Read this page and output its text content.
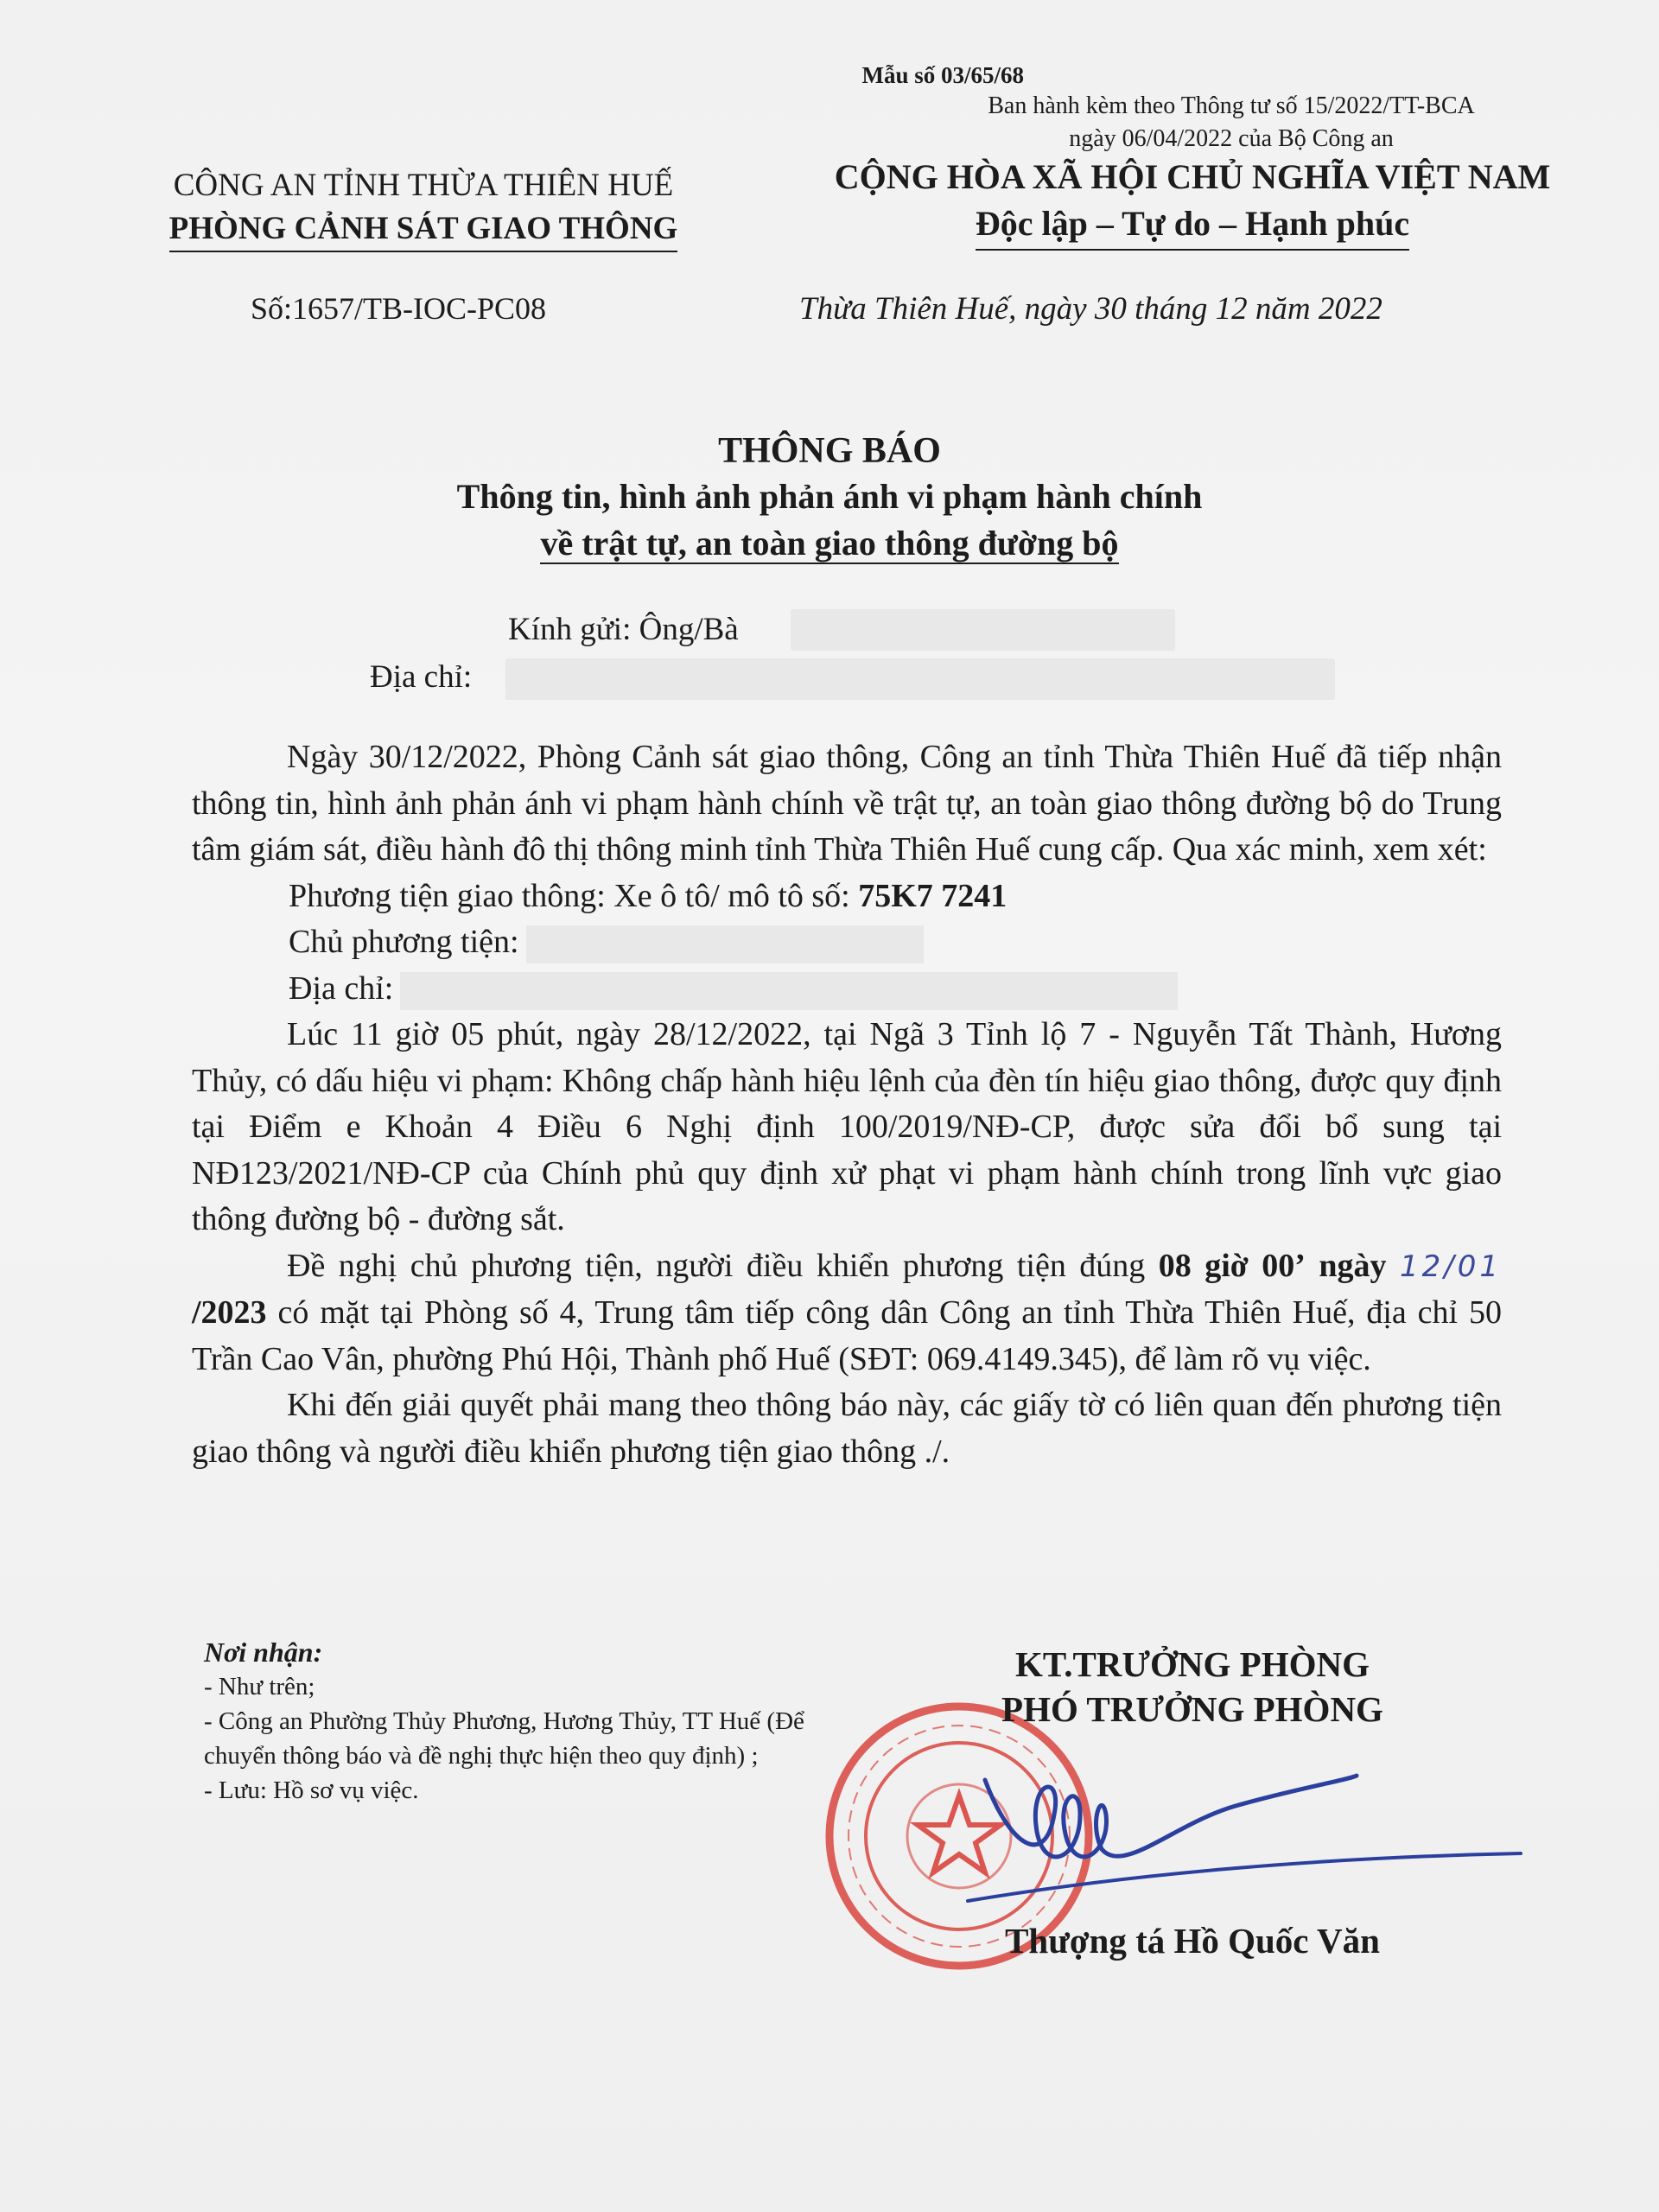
Mẫu số 03/65/68
Ban hành kèm theo Thông tư số 15/2022/TT-BCA
ngày 06/04/2022 của Bộ Công an
CÔNG AN TỈNH THỪA THIÊN HUẾ
PHÒNG CẢNH SÁT GIAO THÔNG
CỘNG HÒA XÃ HỘI CHỦ NGHĨA VIỆT NAM
Độc lập – Tự do – Hạnh phúc
Số:1657/TB-IOC-PC08	Thừa Thiên Huế, ngày 30 tháng 12 năm 2022
THÔNG BÁO
Thông tin, hình ảnh phản ánh vi phạm hành chính
về trật tự, an toàn giao thông đường bộ
Kính gửi: Ông/Bà
Địa chỉ:

Ngày 30/12/2022, Phòng Cảnh sát giao thông, Công an tỉnh Thừa Thiên Huế đã tiếp nhận thông tin, hình ảnh phản ánh vi phạm hành chính về trật tự, an toàn giao thông đường bộ do Trung tâm giám sát, điều hành đô thị thông minh tỉnh Thừa Thiên Huế cung cấp. Qua xác minh, xem xét:

Phương tiện giao thông: Xe ô tô/ mô tô số: 75K7 7241

Chủ phương tiện:

Địa chỉ:

Lúc 11 giờ 05 phút, ngày 28/12/2022, tại Ngã 3 Tỉnh lộ 7 - Nguyễn Tất Thành, Hương Thủy, có dấu hiệu vi phạm: Không chấp hành hiệu lệnh của đèn tín hiệu giao thông, được quy định tại Điểm e Khoản 4 Điều 6 Nghị định 100/2019/NĐ-CP, được sửa đổi bổ sung tại NĐ123/2021/NĐ-CP của Chính phủ quy định xử phạt vi phạm hành chính trong lĩnh vực giao thông đường bộ - đường sắt.

Đề nghị chủ phương tiện, người điều khiển phương tiện đúng 08 giờ 00’ ngày 12/01 /2023 có mặt tại Phòng số 4, Trung tâm tiếp công dân Công an tỉnh Thừa Thiên Huế, địa chỉ 50 Trần Cao Vân, phường Phú Hội, Thành phố Huế (SĐT: 069.4149.345), để làm rõ vụ việc.

Khi đến giải quyết phải mang theo thông báo này, các giấy tờ có liên quan đến phương tiện giao thông và người điều khiển phương tiện giao thông ./.

Nơi nhận:
- Như trên;
- Công an Phường Thủy Phương, Hương Thủy, TT Huế (Để chuyển thông báo và đề nghị thực hiện theo quy định) ;
- Lưu: Hồ sơ vụ việc.
KT.TRƯỞNG PHÒNG
PHÓ TRƯỞNG PHÒNG
Thượng tá Hồ Quốc Văn
